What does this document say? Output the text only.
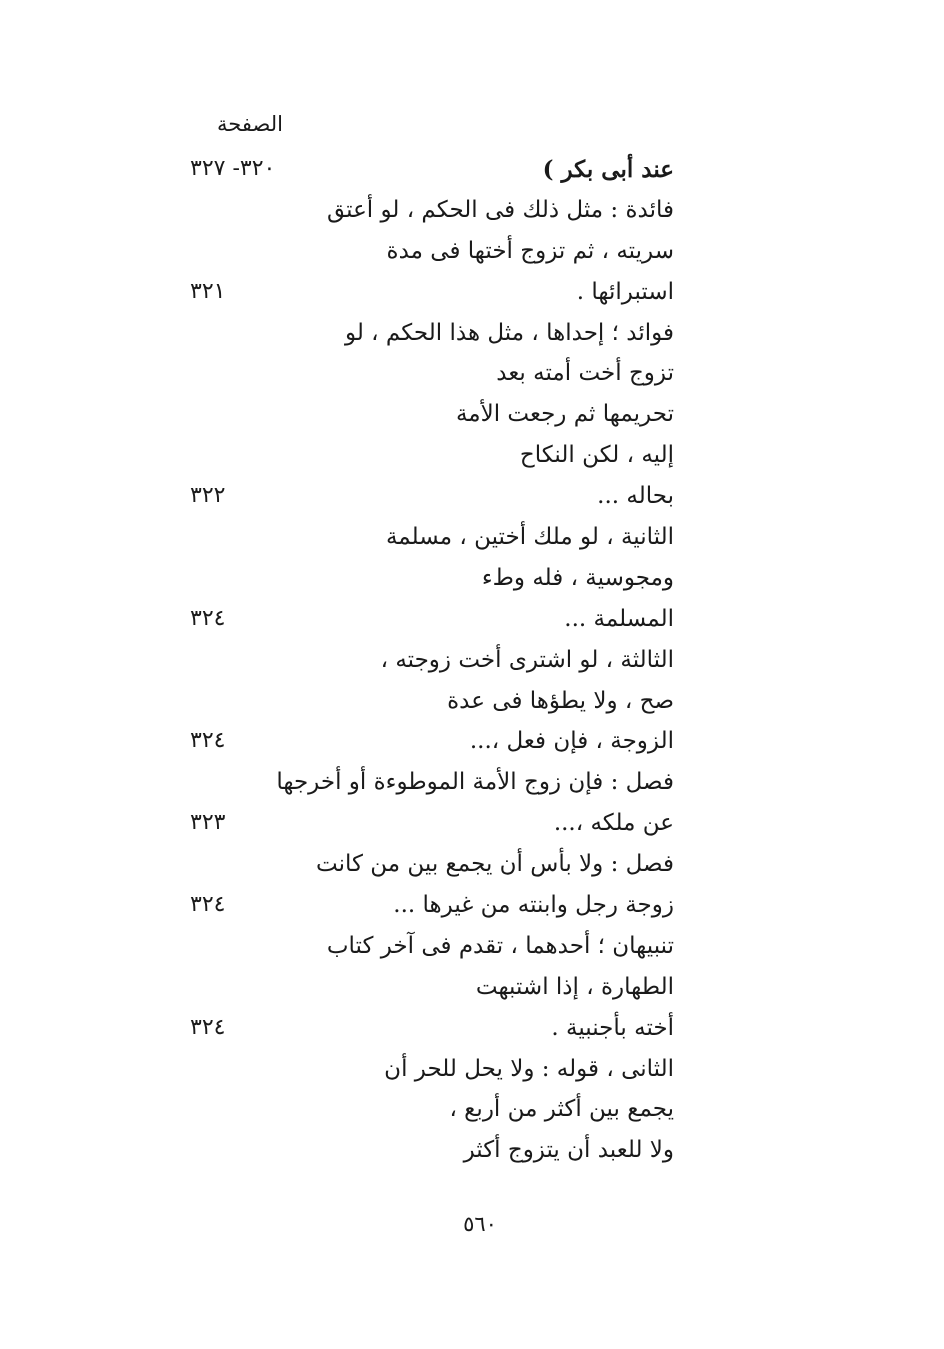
الصفحة
عند أبى بكر )
٣٢٠- ٣٢٧
فائدة : مثل ذلك فى الحكم ، لو أعتق
سريته ، ثم تزوج أختها فى مدة
استبرائها .
٣٢١
فوائد ؛ إحداها ، مثل هذا الحكم ، لو
تزوج أخت أمته بعد
تحريمها ثم رجعت الأمة
إليه ، لكن النكاح
بحاله ...
٣٢٢
الثانية ، لو ملك أختين ، مسلمة
ومجوسية ، فله وطء
المسلمة ...
٣٢٤
الثالثة ، لو اشترى أخت زوجته ،
صح ، ولا يطؤها فى عدة
الزوجة ، فإن فعل ،...
٣٢٤
فصل : فإن زوج الأمة الموطوءة أو أخرجها
عن ملكه ،...
٣٢٣
فصل : ولا بأس أن يجمع بين من كانت
زوجة رجل وابنته من غيرها ...
٣٢٤
تنبيهان ؛ أحدهما ، تقدم فى آخر كتاب
الطهارة ، إذا اشتبهت
أخته بأجنبية .
٣٢٤
الثانى ، قوله : ولا يحل للحر أن
يجمع بين أكثر من أربع ،
ولا للعبد أن يتزوج أكثر
٥٦٠
